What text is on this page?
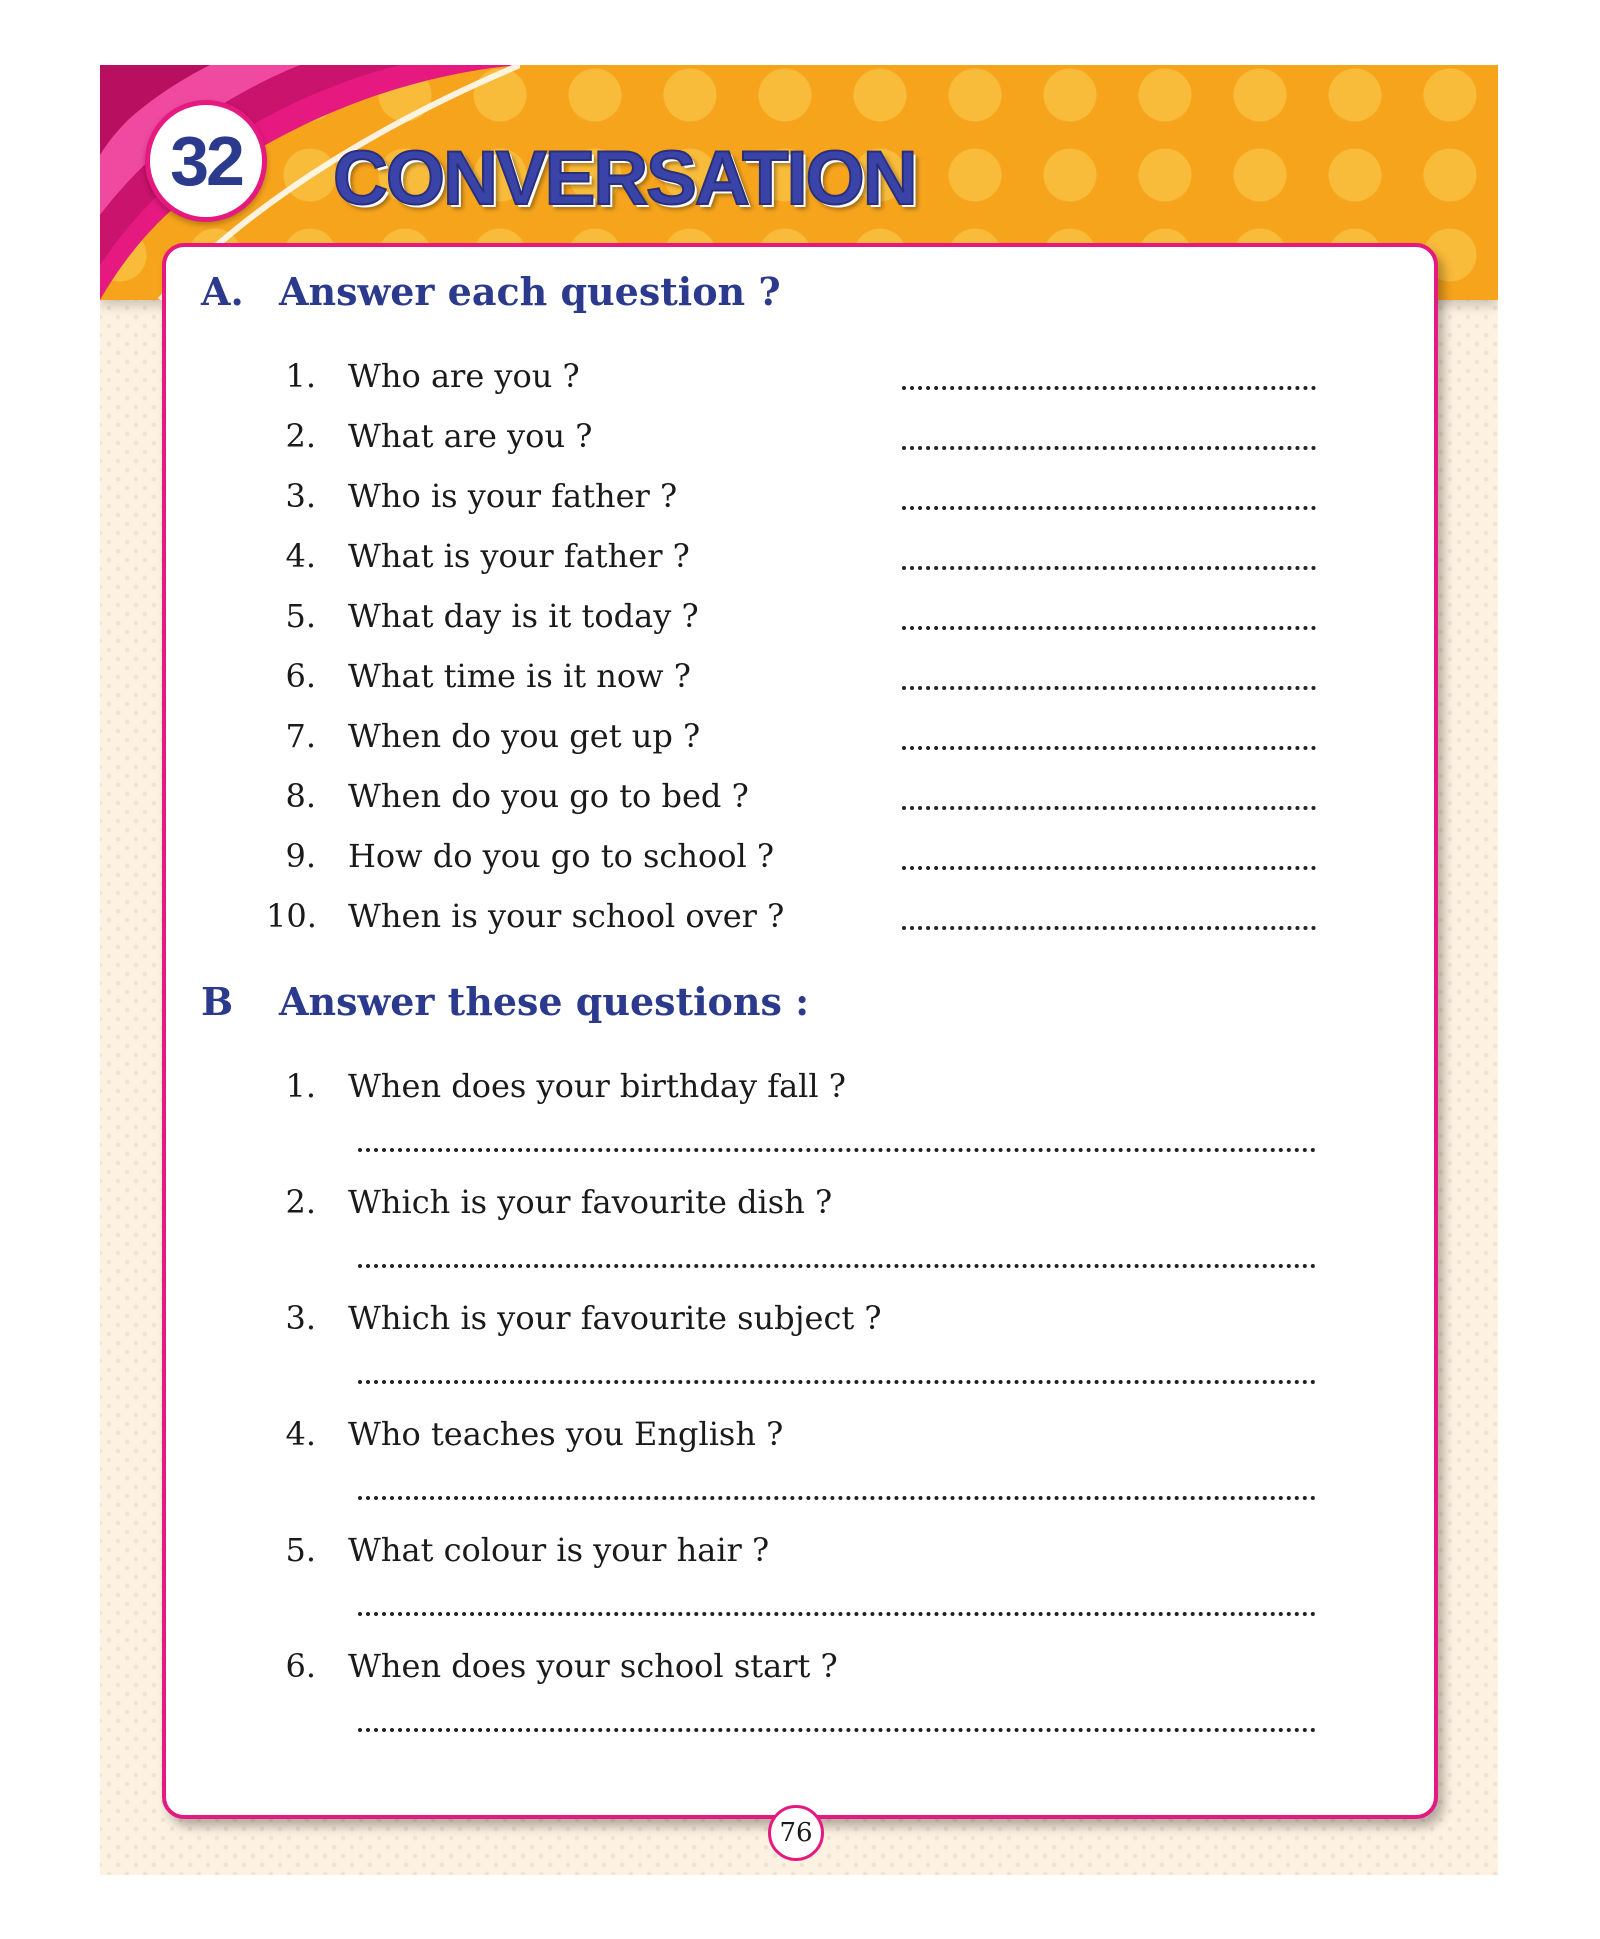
32 CONVERSATION
A. Answer each question ?
1. Who are you ?
2. What are you ?
3. Who is your father ?
4. What is your father ?
5. What day is it today ?
6. What time is it now ?
7. When do you get up ?
8. When do you go to bed ?
9. How do you go to school ?
10. When is your school over ?
B Answer these questions :
1. When does your birthday fall ?
2. Which is your favourite dish ?
3. Which is your favourite subject ?
4. Who teaches you English ?
5. What colour is your hair ?
6. When does your school start ?
76
